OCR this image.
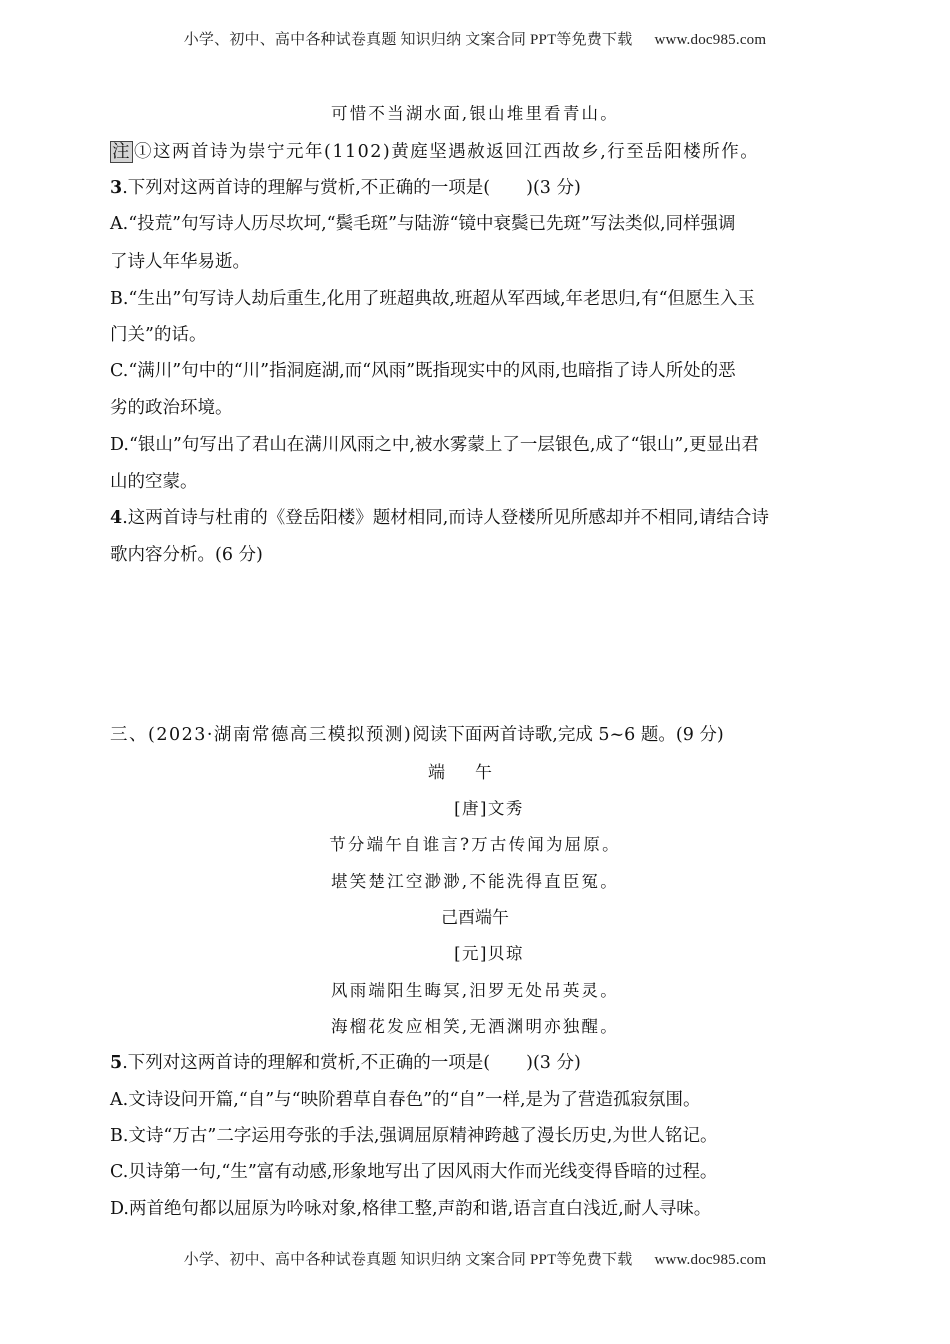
小学、初中、高中各种试卷真题 知识归纳 文案合同 PPT等免费下载 www.doc985.com
可惜不当湖水面,银山堆里看青山。
注 ①这两首诗为崇宁元年(1102)黄庭坚遇赦返回江西故乡,行至岳阳楼所作。
3.下列对这两首诗的理解与赏析,不正确的一项是( )(3 分)
A.“投荒”句写诗人历尽坎坷,“鬓毛斑”与陆游“镜中衰鬓已先斑”写法类似,同样强调
了诗人年华易逝。
B.“生出”句写诗人劫后重生,化用了班超典故,班超从军西域,年老思归,有“但愿生入玉
门关”的话。
C.“满川”句中的“川”指洞庭湖,而“风雨”既指现实中的风雨,也暗指了诗人所处的恶
劣的政治环境。
D.“银山”句写出了君山在满川风雨之中,被水雾蒙上了一层银色,成了“银山”,更显出君
山的空蒙。
4.这两首诗与杜甫的《登岳阳楼》题材相同,而诗人登楼所见所感却并不相同,请结合诗
歌内容分析。(6 分)
三、(2023·湖南常德高三模拟预测)阅读下面两首诗歌,完成 5~6 题。(9 分)
端午
[唐]文秀
节分端午自谁言?万古传闻为屈原。
堪笑楚江空渺渺,不能洗得直臣冤。
己酉端午
[元]贝琼
风雨端阳生晦冥,汨罗无处吊英灵。
海榴花发应相笑,无酒渊明亦独醒。
5.下列对这两首诗的理解和赏析,不正确的一项是( )(3 分)
A.文诗设问开篇,“自”与“映阶碧草自春色”的“自”一样,是为了营造孤寂氛围。
B.文诗“万古”二字运用夸张的手法,强调屈原精神跨越了漫长历史,为世人铭记。
C.贝诗第一句,“生”富有动感,形象地写出了因风雨大作而光线变得昏暗的过程。
D.两首绝句都以屈原为吟咏对象,格律工整,声韵和谐,语言直白浅近,耐人寻味。
小学、初中、高中各种试卷真题 知识归纳 文案合同 PPT等免费下载 www.doc985.com
